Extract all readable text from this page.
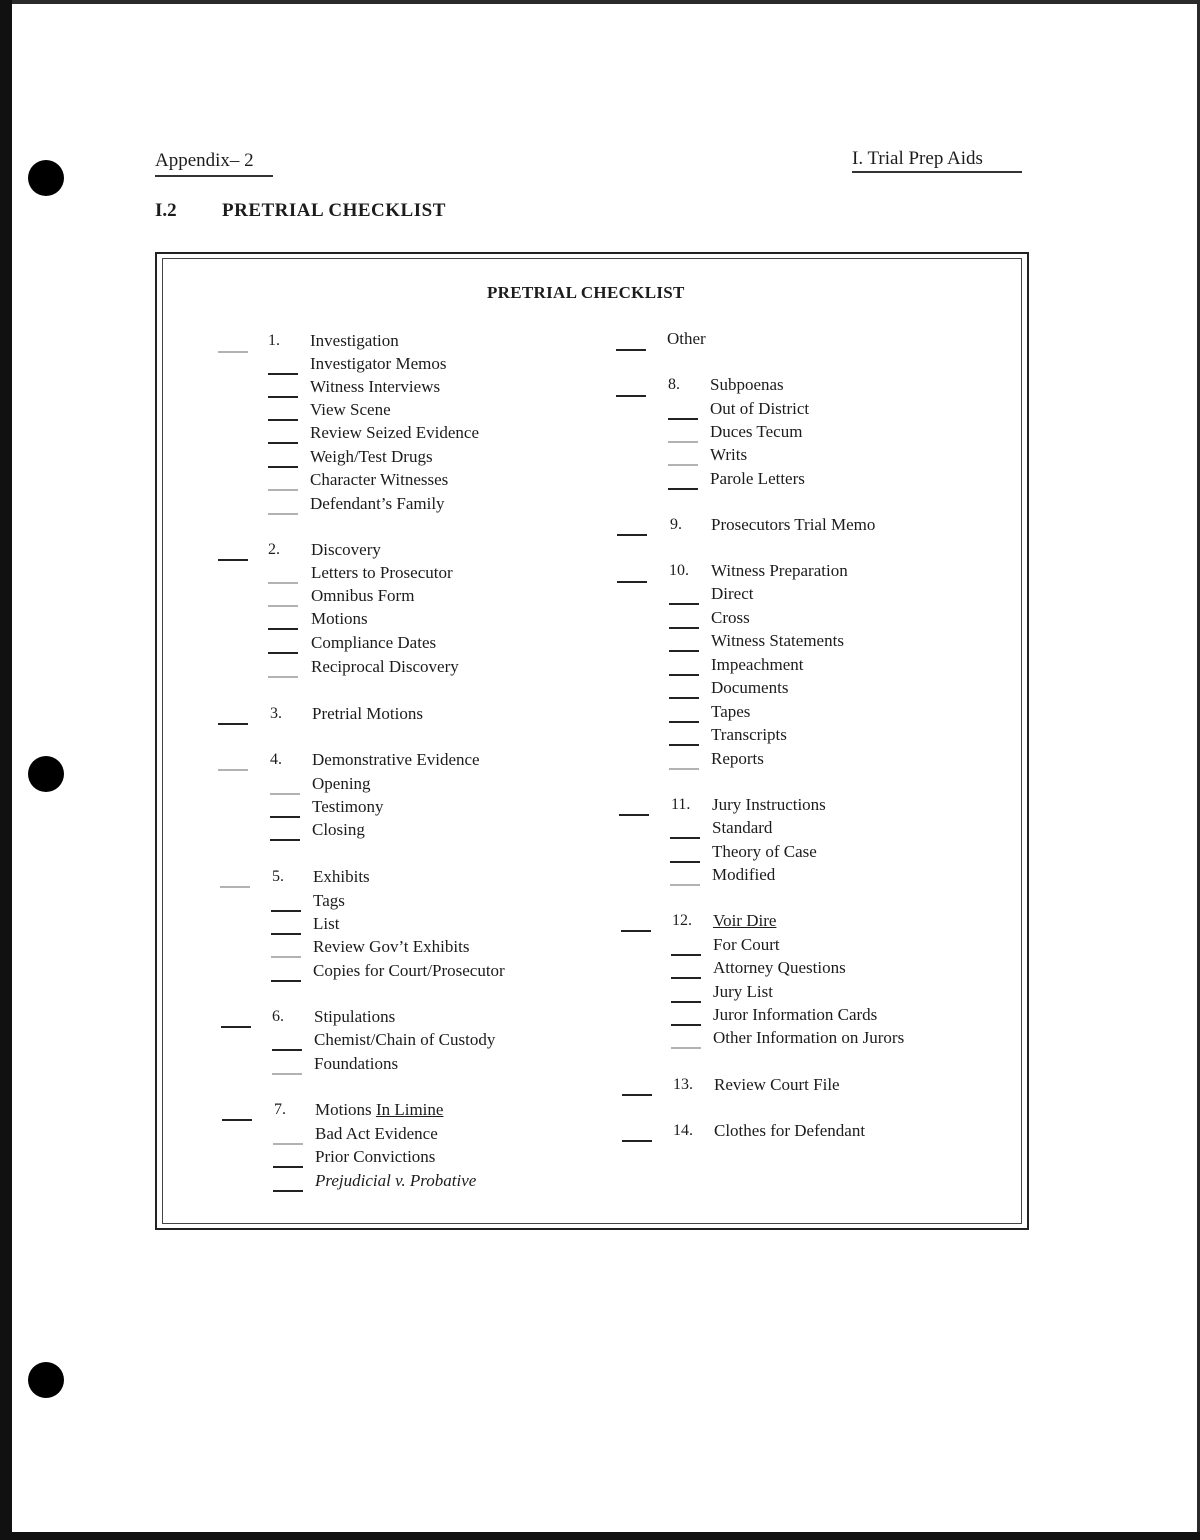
Appendix– 2	I. Trial Prep Aids
I.2 PRETRIAL CHECKLIST
PRETRIAL CHECKLIST
1. Investigation
Investigator Memos
Witness Interviews
View Scene
Review Seized Evidence
Weigh/Test Drugs
Character Witnesses
Defendant’s Family
2. Discovery
Letters to Prosecutor
Omnibus Form
Motions
Compliance Dates
Reciprocal Discovery
3. Pretrial Motions
4. Demonstrative Evidence
Opening
Testimony
Closing
5. Exhibits
Tags
List
Review Gov’t Exhibits
Copies for Court/Prosecutor
6. Stipulations
Chemist/Chain of Custody
Foundations
7. Motions In Limine
Bad Act Evidence
Prior Convictions
Prejudicial v. Probative
Other
8. Subpoenas
Out of District
Duces Tecum
Writs
Parole Letters
9. Prosecutors Trial Memo
10. Witness Preparation
Direct
Cross
Witness Statements
Impeachment
Documents
Tapes
Transcripts
Reports
11. Jury Instructions
Standard
Theory of Case
Modified
12. Voir Dire
For Court
Attorney Questions
Jury List
Juror Information Cards
Other Information on Jurors
13. Review Court File
14. Clothes for Defendant
